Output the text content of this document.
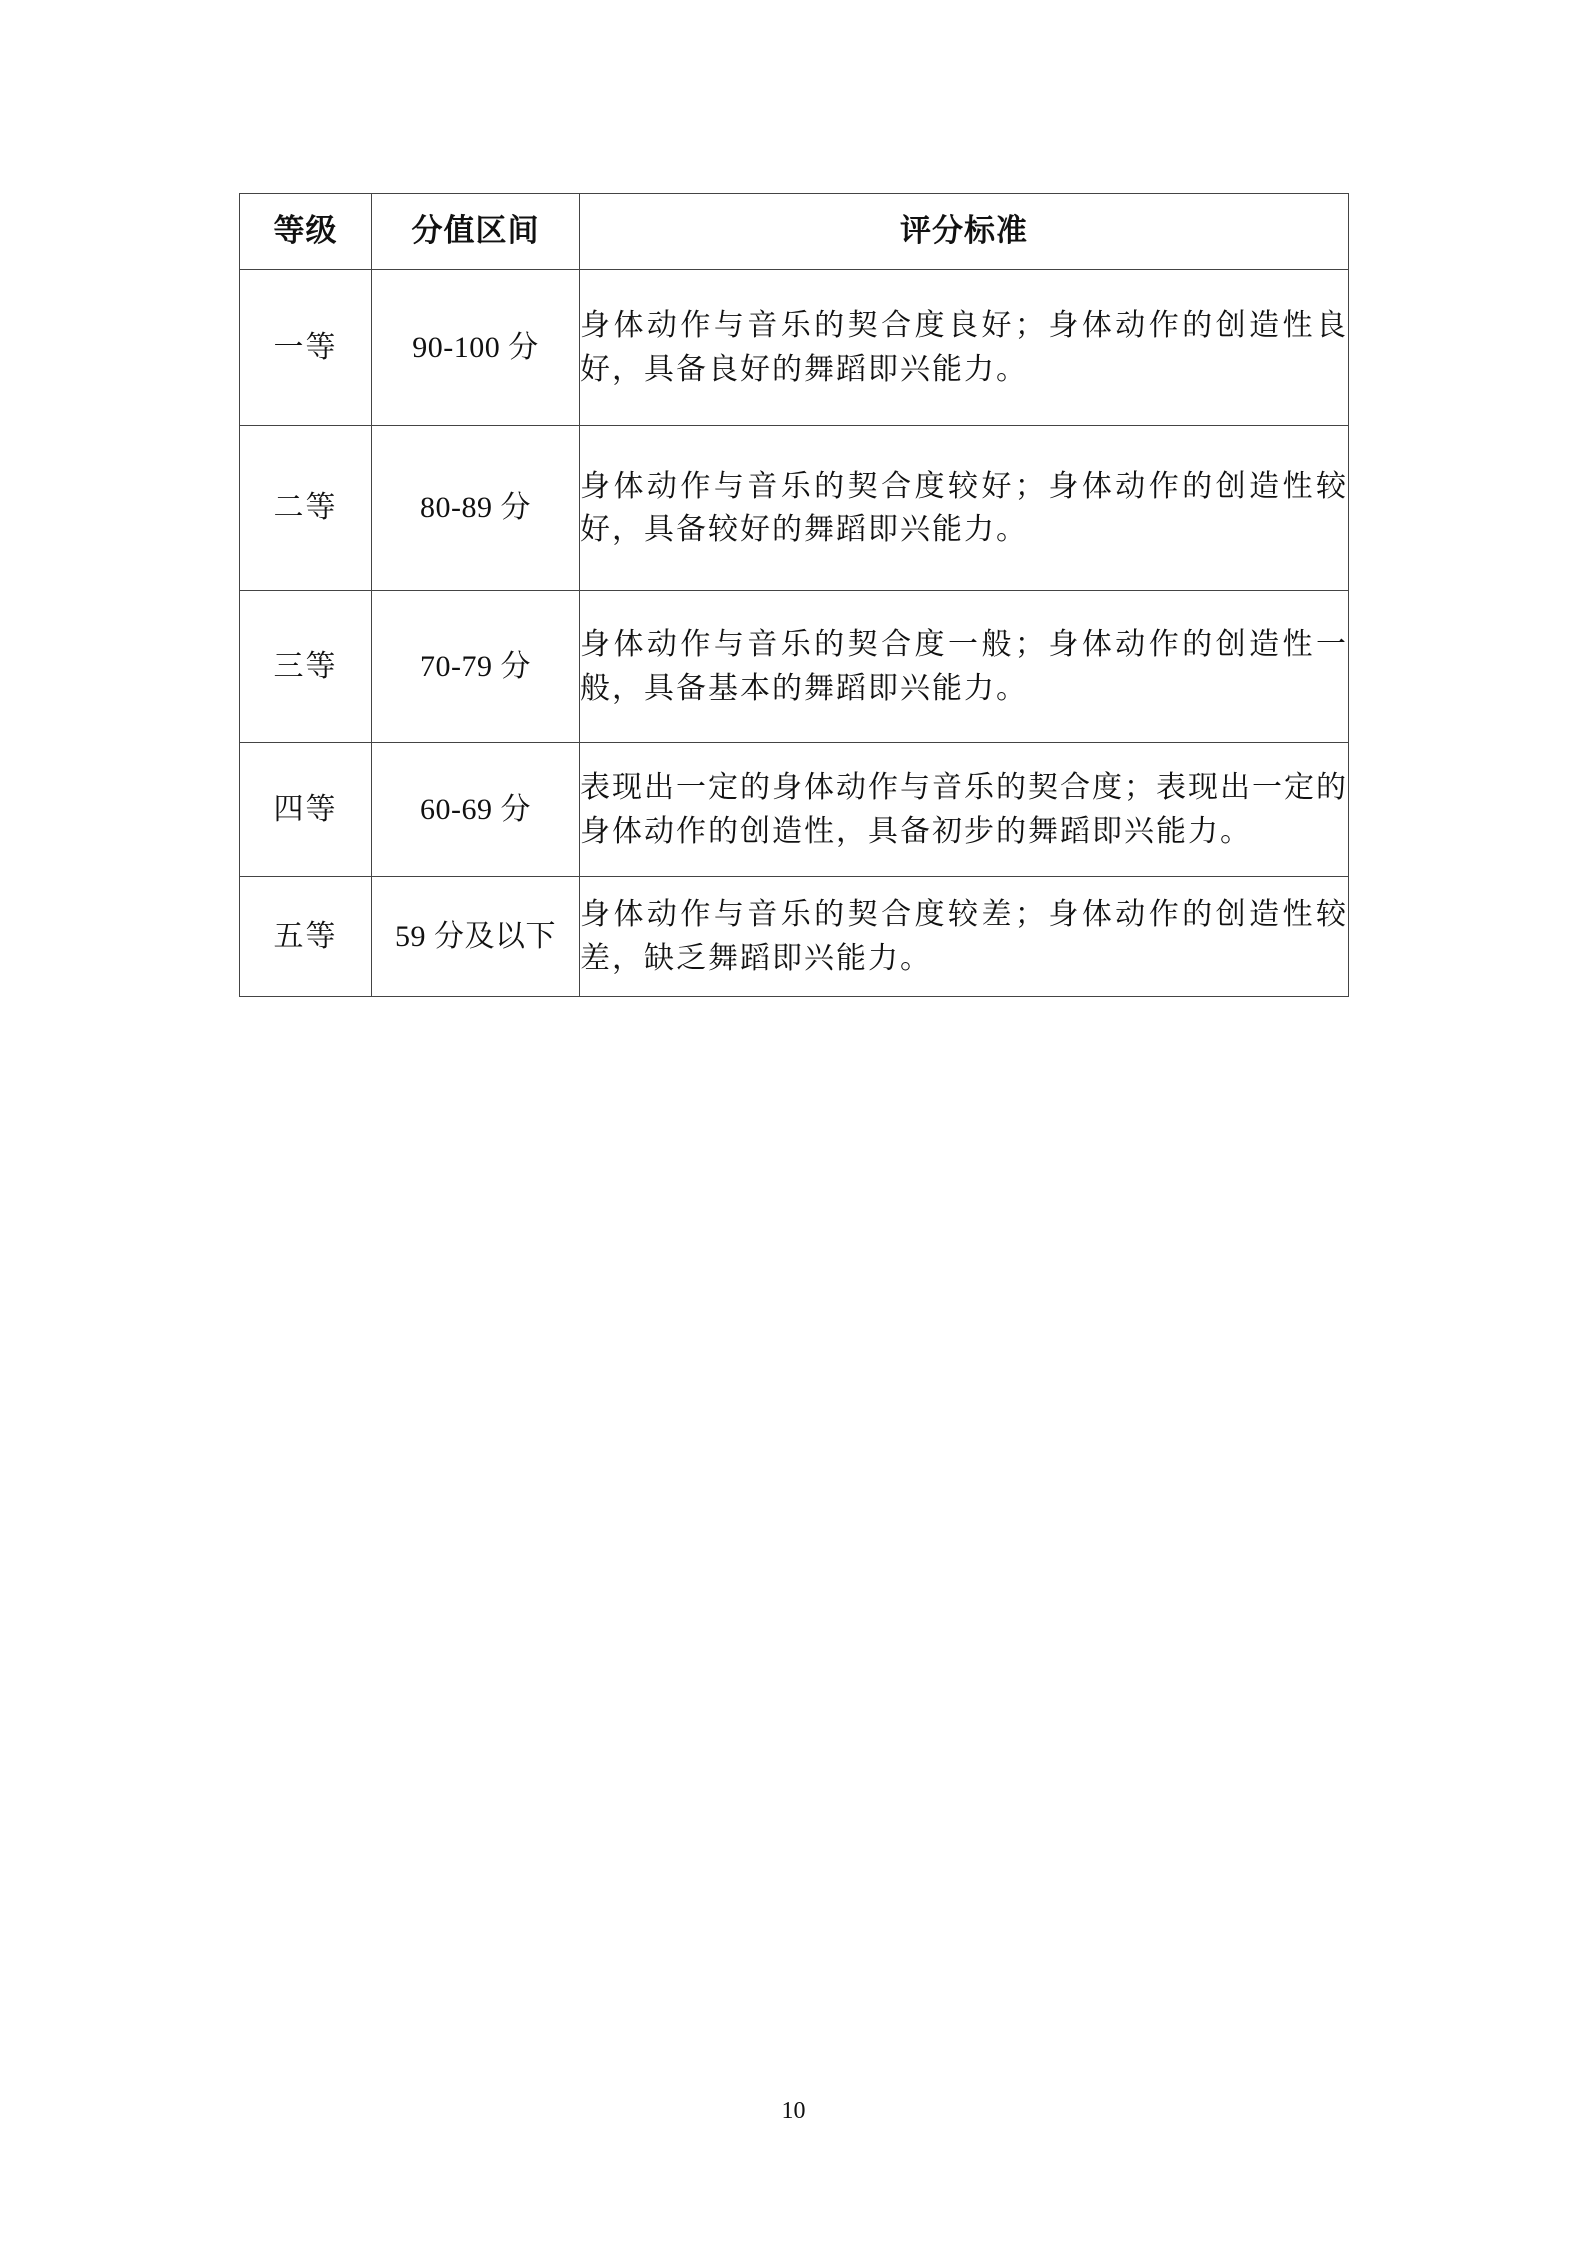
等级	分值区间	评分标准
一等	90-100 分	身体动作与音乐的契合度良好；身体动作的创造性良好，具备良好的舞蹈即兴能力。
二等	80-89 分	身体动作与音乐的契合度较好；身体动作的创造性较好，具备较好的舞蹈即兴能力。
三等	70-79 分	身体动作与音乐的契合度一般；身体动作的创造性一般，具备基本的舞蹈即兴能力。
四等	60-69 分	表现出一定的身体动作与音乐的契合度；表现出一定的身体动作的创造性，具备初步的舞蹈即兴能力。
五等	59 分及以下	身体动作与音乐的契合度较差；身体动作的创造性较差，缺乏舞蹈即兴能力。
10
